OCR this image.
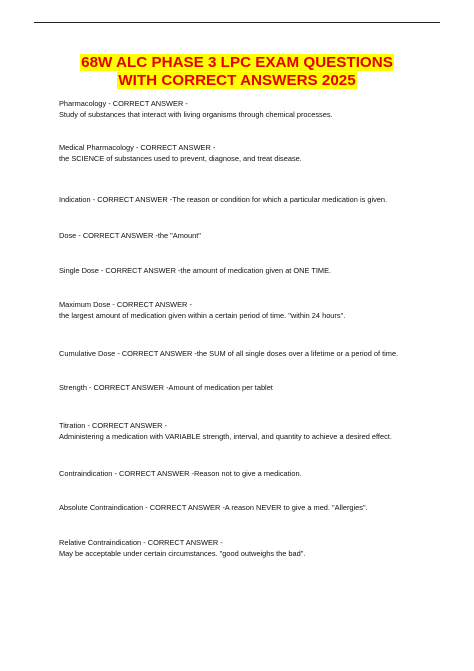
68W ALC PHASE 3 LPC EXAM QUESTIONS
WITH CORRECT ANSWERS 2025
Pharmacology - CORRECT ANSWER -
Study of substances that interact with living organisms through chemical processes.
Medical Pharmacology - CORRECT ANSWER -
the SCIENCE of substances used to prevent, diagnose, and treat disease.
Indication - CORRECT ANSWER -The reason or condition for which a particular medication is given.
Dose - CORRECT ANSWER -the "Amount"
Single Dose - CORRECT ANSWER -the amount of medication given at ONE TIME.
Maximum Dose - CORRECT ANSWER -
the largest amount of medication given within a certain period of time. "within 24 hours".
Cumulative Dose - CORRECT ANSWER -the SUM of all single doses over a lifetime or a period of time.
Strength - CORRECT ANSWER -Amount of medication per tablet
Titration - CORRECT ANSWER -
Administering a medication with VARIABLE strength, interval, and quantity to achieve a desired effect.
Contraindication - CORRECT ANSWER -Reason not to give a medication.
Absolute Contraindication - CORRECT ANSWER -A reason NEVER to give a med. "Allergies".
Relative Contraindication - CORRECT ANSWER -
May be acceptable under certain circumstances. "good outweighs the bad".
